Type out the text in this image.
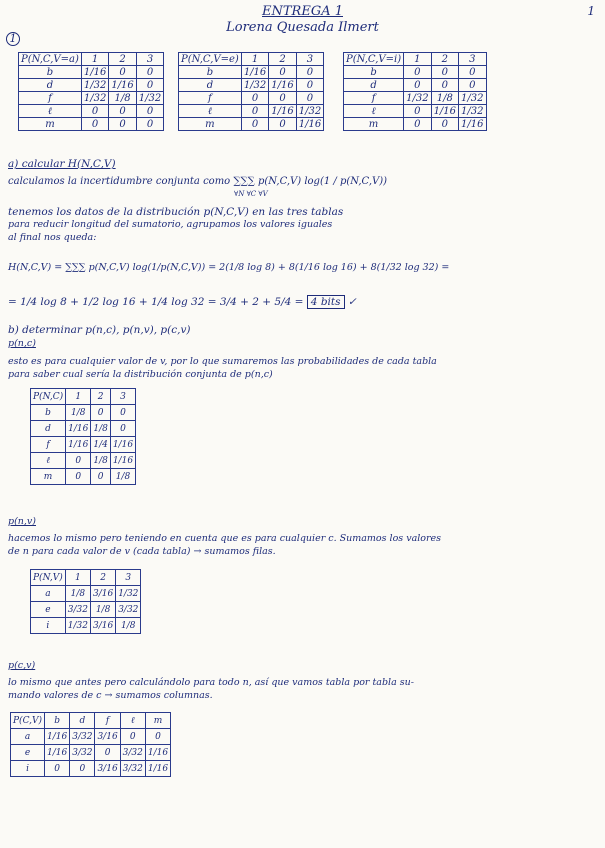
ENTREGA 1
Lorena Quesada Ilmert
1
1
P(N,C,V=a)	1	2	3
b	1/16	0	0
d	1/32	1/16	0
f	1/32	1/8	1/32
ℓ	0	0	0
m	0	0	0
P(N,C,V=e)	1	2	3
b	1/16	0	0
d	1/32	1/16	0
f	0	0	0
ℓ	0	1/16	1/32
m	0	0	1/16
P(N,C,V=i)	1	2	3
b	0	0	0
d	0	0	0
f	1/32	1/8	1/32
ℓ	0	1/16	1/32
m	0	0	1/16
a) calcular H(N,C,V)
calculamos la incertidumbre conjunta como ∑∑∑ p(N,C,V) log(1 / p(N,C,V))
∀N ∀C ∀V
tenemos los datos de la distribución p(N,C,V) en las tres tablas
para reducir longitud del sumatorio, agrupamos los valores iguales
al final nos queda:
H(N,C,V) = ∑∑∑ p(N,C,V) log(1/p(N,C,V)) = 2(1/8 log 8) + 8(1/16 log 16) + 8(1/32 log 32) =
= 1/4 log 8 + 1/2 log 16 + 1/4 log 32 = 3/4 + 2 + 5/4 = 4 bits ✓
b) determinar p(n,c), p(n,v), p(c,v)
p(n,c)
esto es para cualquier valor de v, por lo que sumaremos las probabilidades de cada tabla
para saber cual sería la distribución conjunta de p(n,c)
P(N,C)	1	2	3
b	1/8	0	0
d	1/16	1/8	0
f	1/16	1/4	1/16
ℓ	0	1/8	1/16
m	0	0	1/8
p(n,v)
hacemos lo mismo pero teniendo en cuenta que es para cualquier c. Sumamos los valores
de n para cada valor de v (cada tabla) → sumamos filas.
P(N,V)	1	2	3
a	1/8	3/16	1/32
e	3/32	1/8	3/32
i	1/32	3/16	1/8
p(c,v)
lo mismo que antes pero calculándolo para todo n, así que vamos tabla por tabla su-
mando valores de c → sumamos columnas.
P(C,V)	b	d	f	ℓ	m
a	1/16	3/32	3/16	0	0
e	1/16	3/32	0	3/32	1/16
i	0	0	3/16	3/32	1/16
